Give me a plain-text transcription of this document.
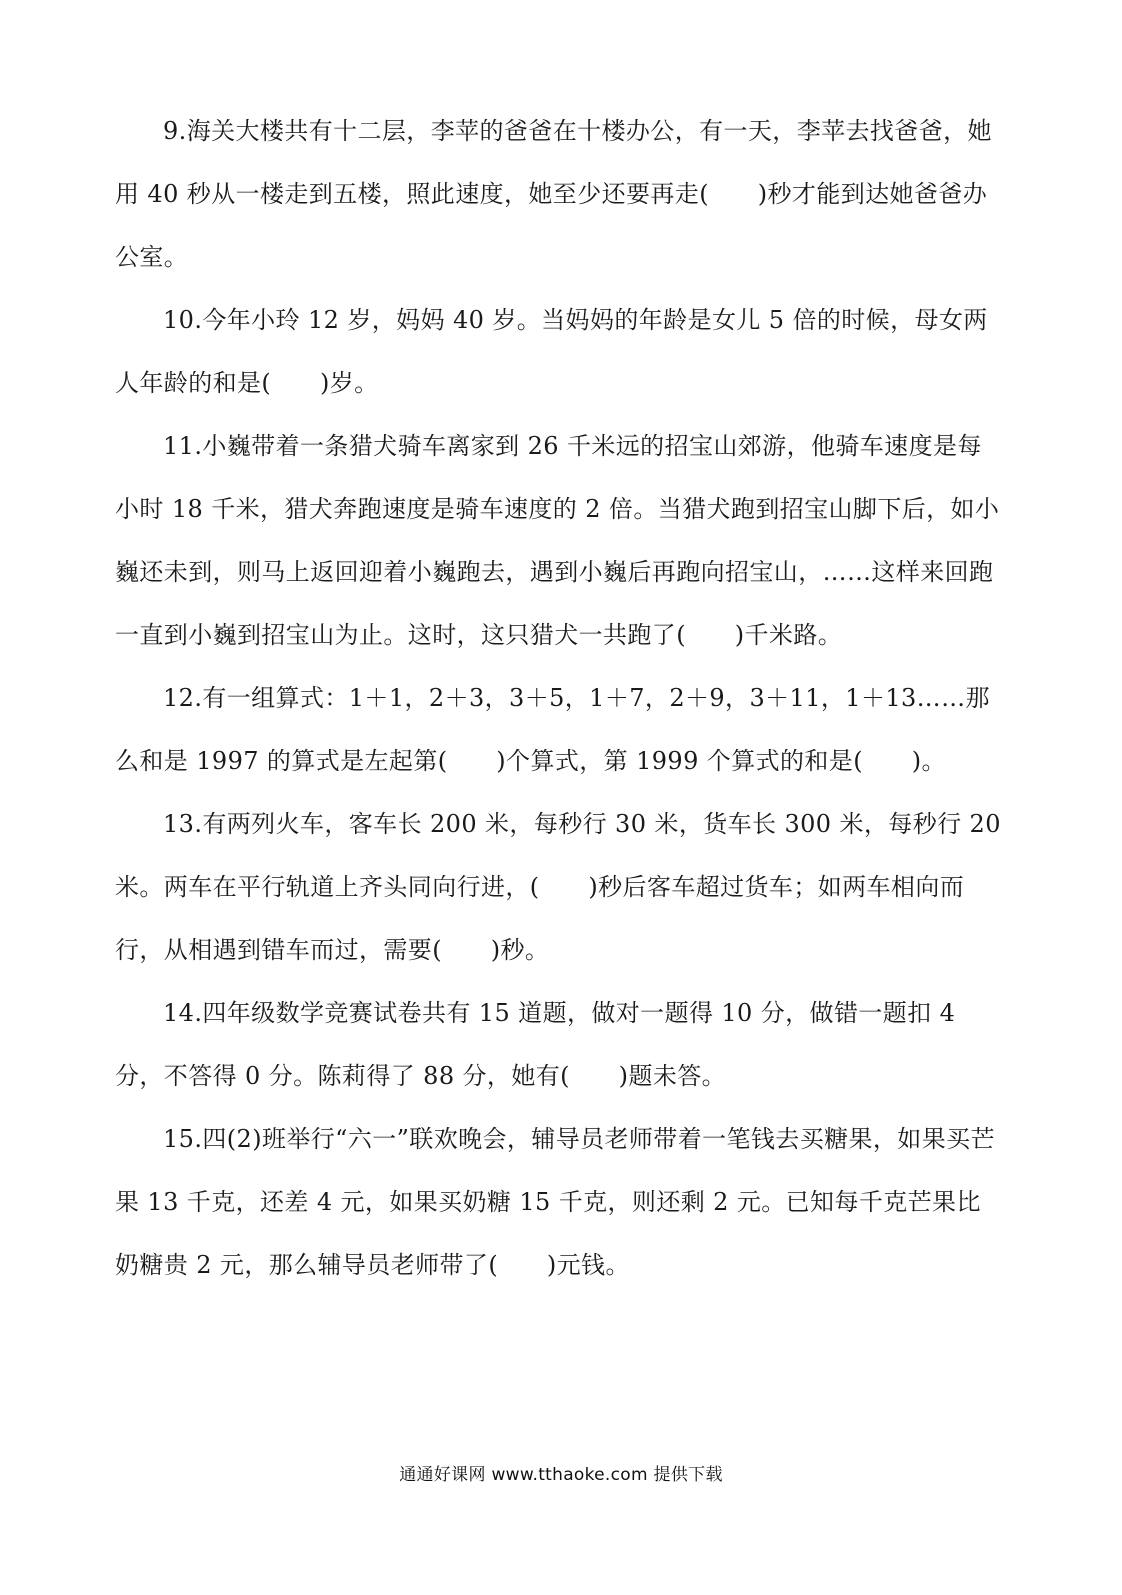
9.海关大楼共有十二层，李苹的爸爸在十楼办公，有一天，李苹去找爸爸，她用 40 秒从一楼走到五楼，照此速度，她至少还要再走(　　)秒才能到达她爸爸办公室。

10.今年小玲 12 岁，妈妈 40 岁。当妈妈的年龄是女儿 5 倍的时候，母女两人年龄的和是(　　)岁。

11.小巍带着一条猎犬骑车离家到 26 千米远的招宝山郊游，他骑车速度是每小时 18 千米，猎犬奔跑速度是骑车速度的 2 倍。当猎犬跑到招宝山脚下后，如小巍还未到，则马上返回迎着小巍跑去，遇到小巍后再跑向招宝山，……这样来回跑一直到小巍到招宝山为止。这时，这只猎犬一共跑了(　　)千米路。

12.有一组算式：1＋1，2＋3，3＋5，1＋7，2＋9，3＋11，1＋13……那么和是 1997 的算式是左起第(　　)个算式，第 1999 个算式的和是(　　)。

13.有两列火车，客车长 200 米，每秒行 30 米，货车长 300 米，每秒行 20 米。两车在平行轨道上齐头同向行进，(　　)秒后客车超过货车；如两车相向而行，从相遇到错车而过，需要(　　)秒。

14.四年级数学竞赛试卷共有 15 道题，做对一题得 10 分，做错一题扣 4 分，不答得 0 分。陈莉得了 88 分，她有(　　)题未答。

15.四(2)班举行“六一”联欢晚会，辅导员老师带着一笔钱去买糖果，如果买芒果 13 千克，还差 4 元，如果买奶糖 15 千克，则还剩 2 元。已知每千克芒果比奶糖贵 2 元，那么辅导员老师带了(　　)元钱。

通通好课网 www.tthaoke.com 提供下载
